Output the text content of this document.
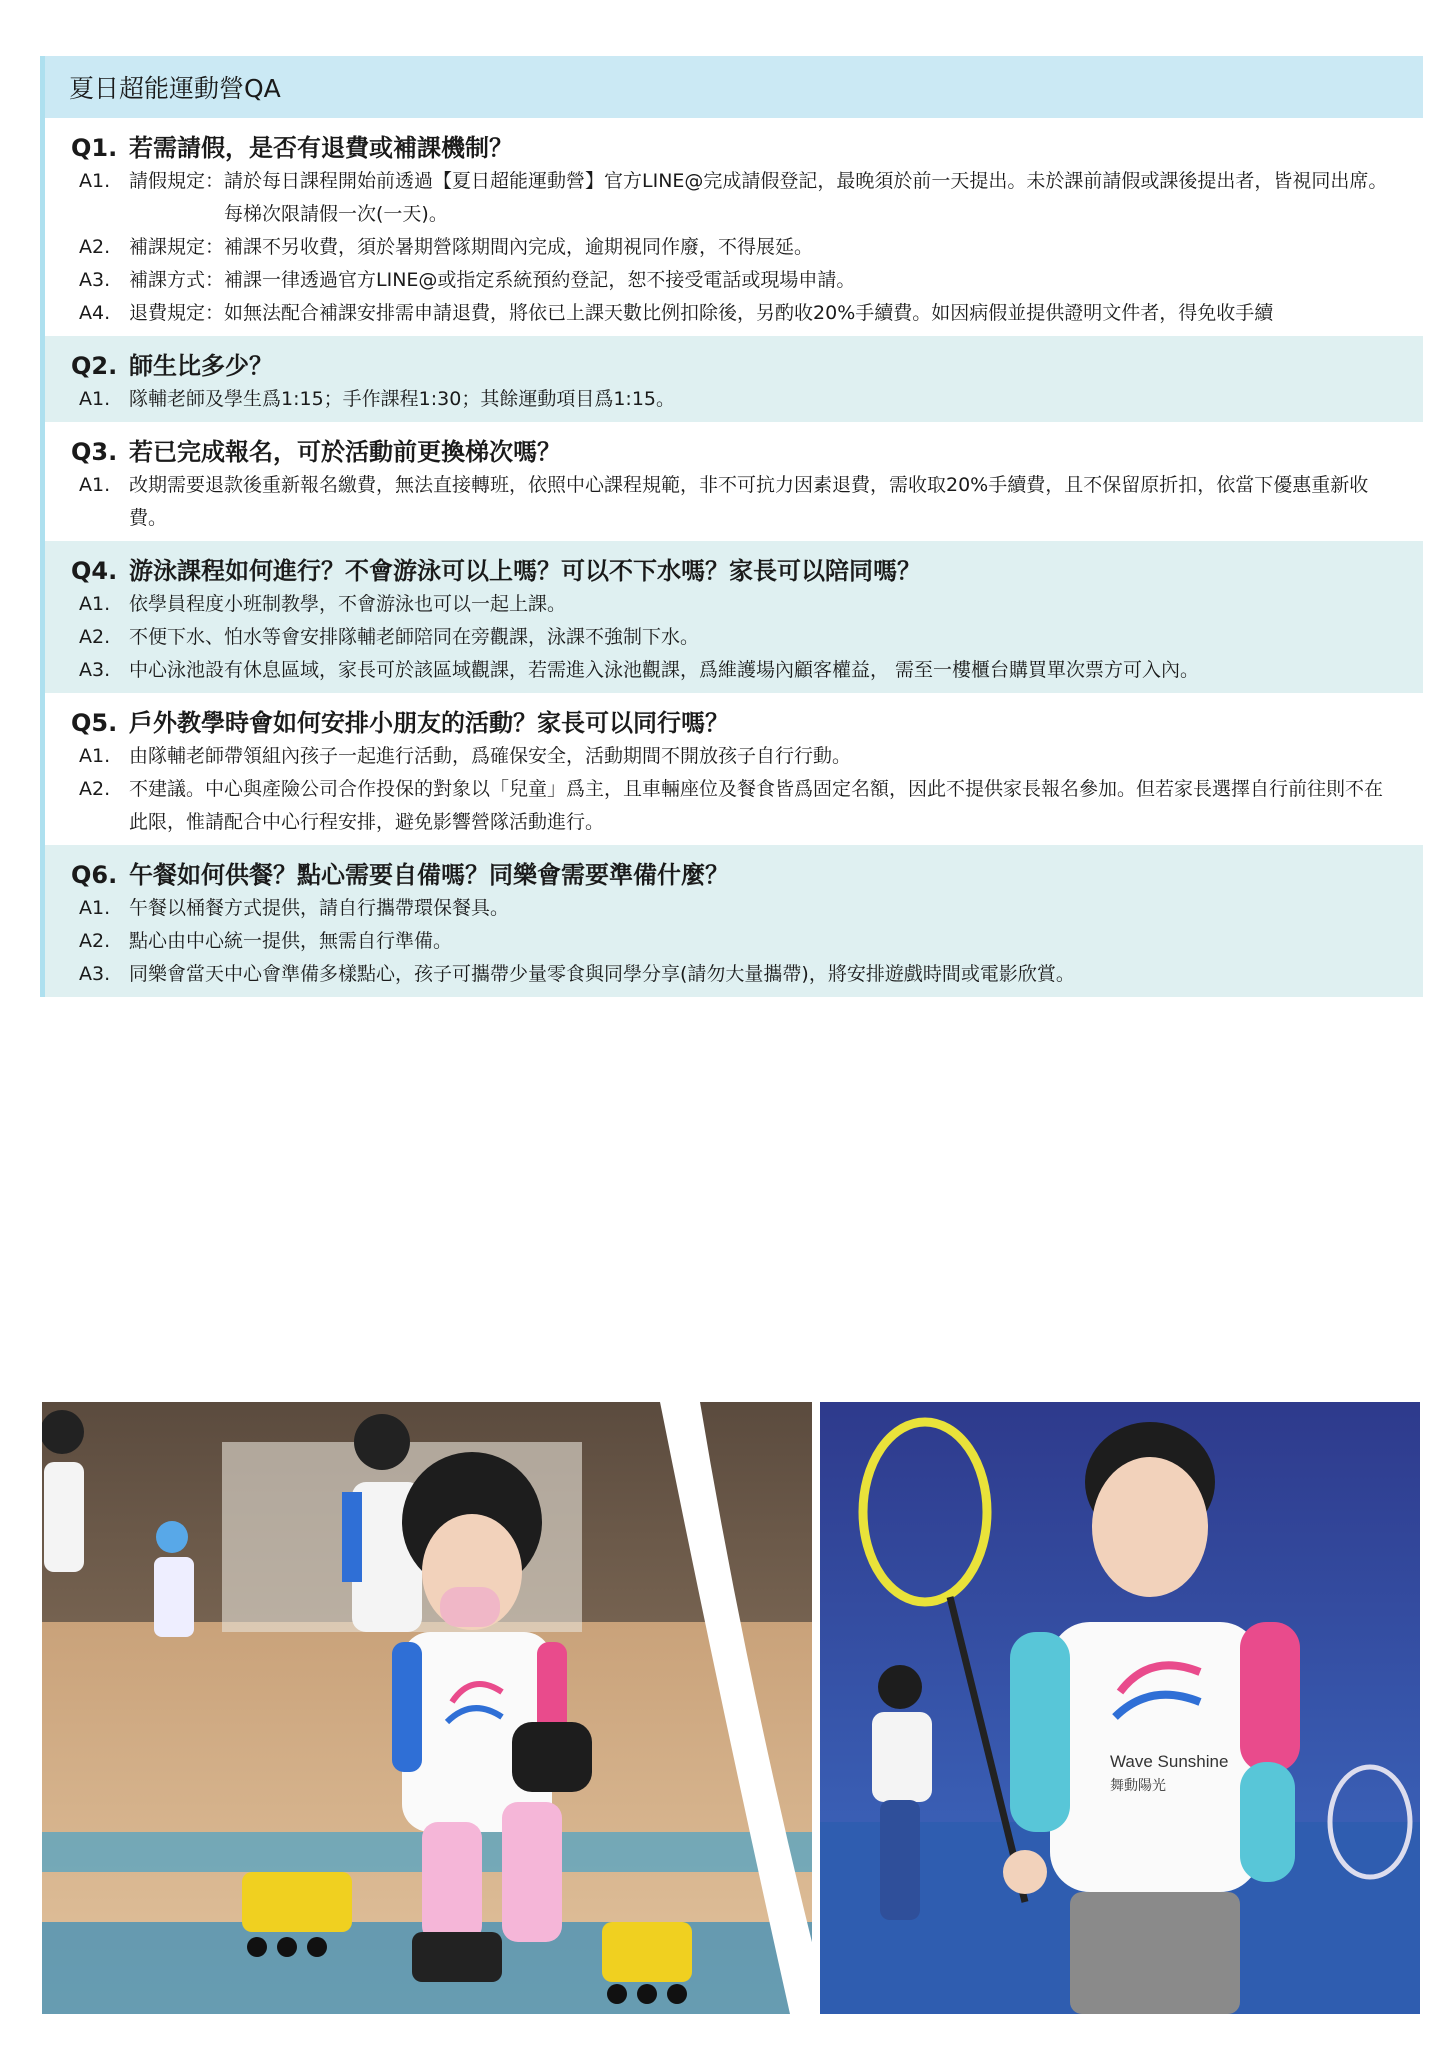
夏日超能運動營QA
Q1. 若需請假，是否有退費或補課機制？
A1. 請假規定： 請於每日課程開始前透過【夏日超能運動營】官方LINE@完成請假登記，最晚須於前一天提出。未於課前請假或課後提出者，皆視同出席。每梯次限請假一次(一天)。
A2. 補課規定： 補課不另收費，須於暑期營隊期間內完成，逾期視同作廢，不得展延。
A3. 補課方式： 補課一律透過官方LINE@或指定系統預約登記，恕不接受電話或現場申請。
A4. 退費規定： 如無法配合補課安排需申請退費，將依已上課天數比例扣除後，另酌收20%手續費。如因病假並提供證明文件者，得免收手續
Q2. 師生比多少？
A1. 隊輔老師及學生爲1:15；手作課程1:30；其餘運動項目爲1:15。
Q3. 若已完成報名，可於活動前更換梯次嗎？
A1. 改期需要退款後重新報名繳費，無法直接轉班，依照中心課程規範，非不可抗力因素退費，需收取20%手續費，且不保留原折扣，依當下優惠重新收費。
Q4. 游泳課程如何進行？不會游泳可以上嗎？可以不下水嗎？家長可以陪同嗎？
A1. 依學員程度小班制教學，不會游泳也可以一起上課。
A2. 不便下水、怕水等會安排隊輔老師陪同在旁觀課，泳課不強制下水。
A3. 中心泳池設有休息區域，家長可於該區域觀課，若需進入泳池觀課，爲維護場內顧客權益， 需至一樓櫃台購買單次票方可入內。
Q5. 戶外教學時會如何安排小朋友的活動？家長可以同行嗎？
A1. 由隊輔老師帶領組內孩子一起進行活動，爲確保安全，活動期間不開放孩子自行行動。
A2. 不建議。中心與產險公司合作投保的對象以「兒童」爲主，且車輛座位及餐食皆爲固定名額，因此不提供家長報名參加。但若家長選擇自行前往則不在此限，惟請配合中心行程安排，避免影響營隊活動進行。
Q6. 午餐如何供餐？點心需要自備嗎？同樂會需要準備什麼？
A1. 午餐以桶餐方式提供，請自行攜帶環保餐具。
A2. 點心由中心統一提供，無需自行準備。
A3. 同樂會當天中心會準備多樣點心，孩子可攜帶少量零食與同學分享(請勿大量攜帶)，將安排遊戲時間或電影欣賞。
Wave Sunshine
舞動陽光
